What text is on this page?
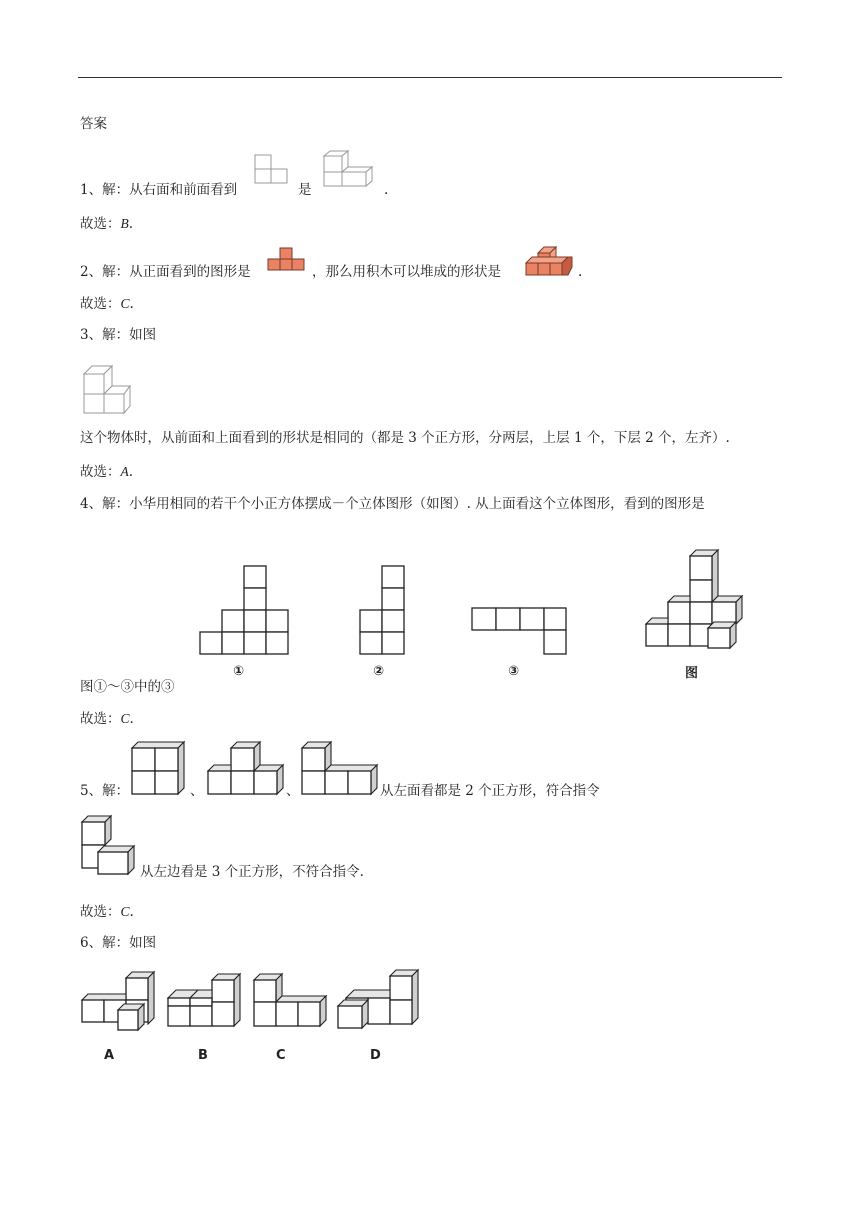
答案
1、解：从右面和前面看到	是	.
故选：B.
2、解：从正面看到的图形是	，那么用积木可以堆成的形状是	.
故选：C.
3、解：如图
这个物体时，从前面和上面看到的形状是相同的（都是 3 个正方形，分两层，上层 1 个，下层 2 个，左齐）.
故选：A.
4、解：小华用相同的若干个小正方体摆成－个立体图形（如图）. 从上面看这个立体图形，看到的图形是
①	②	③	图
图①～③中的③
故选：C.
5、解：	、	、	从左面看都是 2 个正方形，符合指令
从左边看是 3 个正方形，不符合指令.
故选：C.
6、解：如图
A	B	C	D
